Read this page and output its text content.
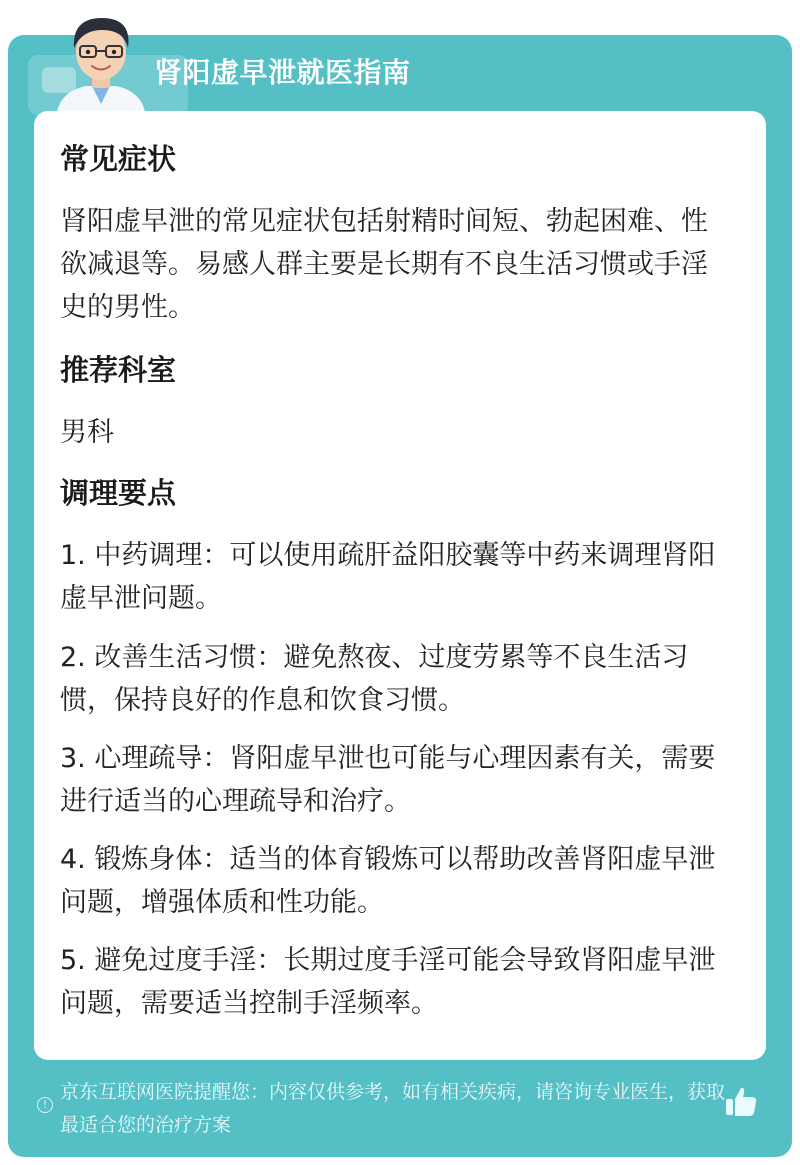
肾阳虚早泄就医指南
常见症状
肾阳虚早泄的常见症状包括射精时间短、勃起困难、性欲减退等。易感人群主要是长期有不良生活习惯或手淫史的男性。
推荐科室
男科
调理要点
1. 中药调理：可以使用疏肝益阳胶囊等中药来调理肾阳虚早泄问题。
2. 改善生活习惯：避免熬夜、过度劳累等不良生活习惯，保持良好的作息和饮食习惯。
3. 心理疏导：肾阳虚早泄也可能与心理因素有关，需要进行适当的心理疏导和治疗。
4. 锻炼身体：适当的体育锻炼可以帮助改善肾阳虚早泄问题，增强体质和性功能。
5. 避免过度手淫：长期过度手淫可能会导致肾阳虚早泄问题，需要适当控制手淫频率。
!
京东互联网医院提醒您：内容仅供参考，如有相关疾病，请咨询专业医生，获取最适合您的治疗方案
